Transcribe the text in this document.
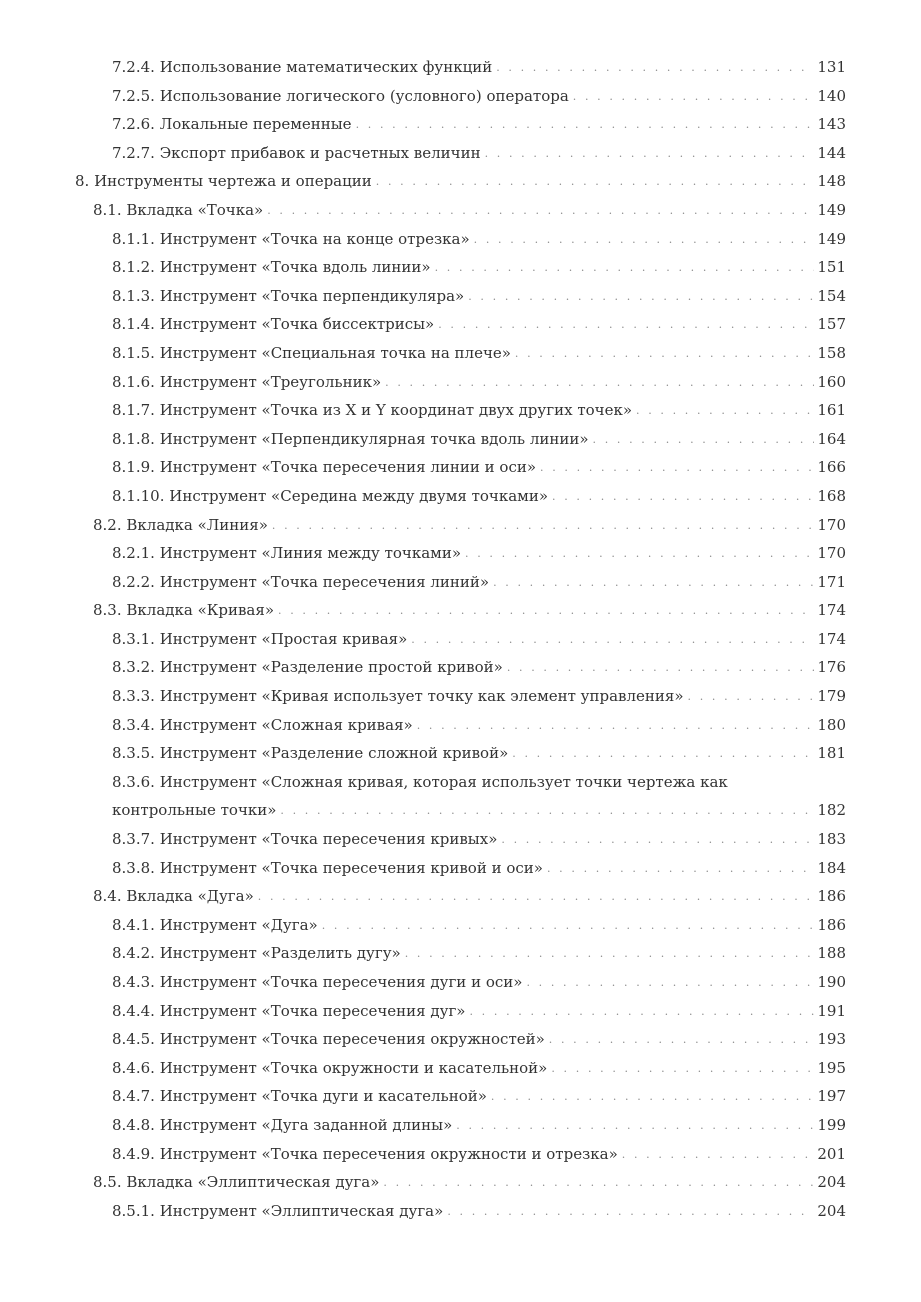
7.2.4. Использование математических функций . . .	131
7.2.5. Использование логического (условного) оператора . . .	140
7.2.6. Локальные переменные . . .	143
7.2.7. Экспорт прибавок и расчетных величин . . .	144
8. Инструменты чертежа и операции . . .	148
8.1. Вкладка «Точка» . . .	149
8.1.1. Инструмент «Точка на конце отрезка» . . .	149
8.1.2. Инструмент «Точка вдоль линии» . . .	151
8.1.3. Инструмент «Точка перпендикуляра» . . .	154
8.1.4. Инструмент «Точка биссектрисы» . . .	157
8.1.5. Инструмент «Специальная точка на плече» . . .	158
8.1.6. Инструмент «Треугольник» . . .	160
8.1.7. Инструмент «Точка из X и Y координат двух других точек» . . .	161
8.1.8. Инструмент «Перпендикулярная точка вдоль линии» . . .	164
8.1.9. Инструмент «Точка пересечения линии и оси» . . .	166
8.1.10. Инструмент «Середина между двумя точками» . . .	168
8.2. Вкладка «Линия» . . .	170
8.2.1. Инструмент «Линия между точками» . . .	170
8.2.2. Инструмент «Точка пересечения линий» . . .	171
8.3. Вкладка «Кривая» . . .	174
8.3.1. Инструмент «Простая кривая» . . .	174
8.3.2. Инструмент «Разделение простой кривой» . . .	176
8.3.3. Инструмент «Кривая использует точку как элемент управления» . . .	179
8.3.4. Инструмент «Сложная кривая» . . .	180
8.3.5. Инструмент «Разделение сложной кривой» . . .	181
8.3.6. Инструмент «Сложная кривая, которая использует точки чертежа как
контрольные точки» . . .	182
8.3.7. Инструмент «Точка пересечения кривых» . . .	183
8.3.8. Инструмент «Точка пересечения кривой и оси» . . .	184
8.4. Вкладка «Дуга» . . .	186
8.4.1. Инструмент «Дуга» . . .	186
8.4.2. Инструмент «Разделить дугу» . . .	188
8.4.3. Инструмент «Точка пересечения дуги и оси» . . .	190
8.4.4. Инструмент «Точка пересечения дуг» . . .	191
8.4.5. Инструмент «Точка пересечения окружностей» . . .	193
8.4.6. Инструмент «Точка окружности и касательной» . . .	195
8.4.7. Инструмент «Точка дуги и касательной» . . .	197
8.4.8. Инструмент «Дуга заданной длины» . . .	199
8.4.9. Инструмент «Точка пересечения окружности и отрезка» . . .	201
8.5. Вкладка «Эллиптическая дуга» . . .	204
8.5.1. Инструмент «Эллиптическая дуга» . . .	204
